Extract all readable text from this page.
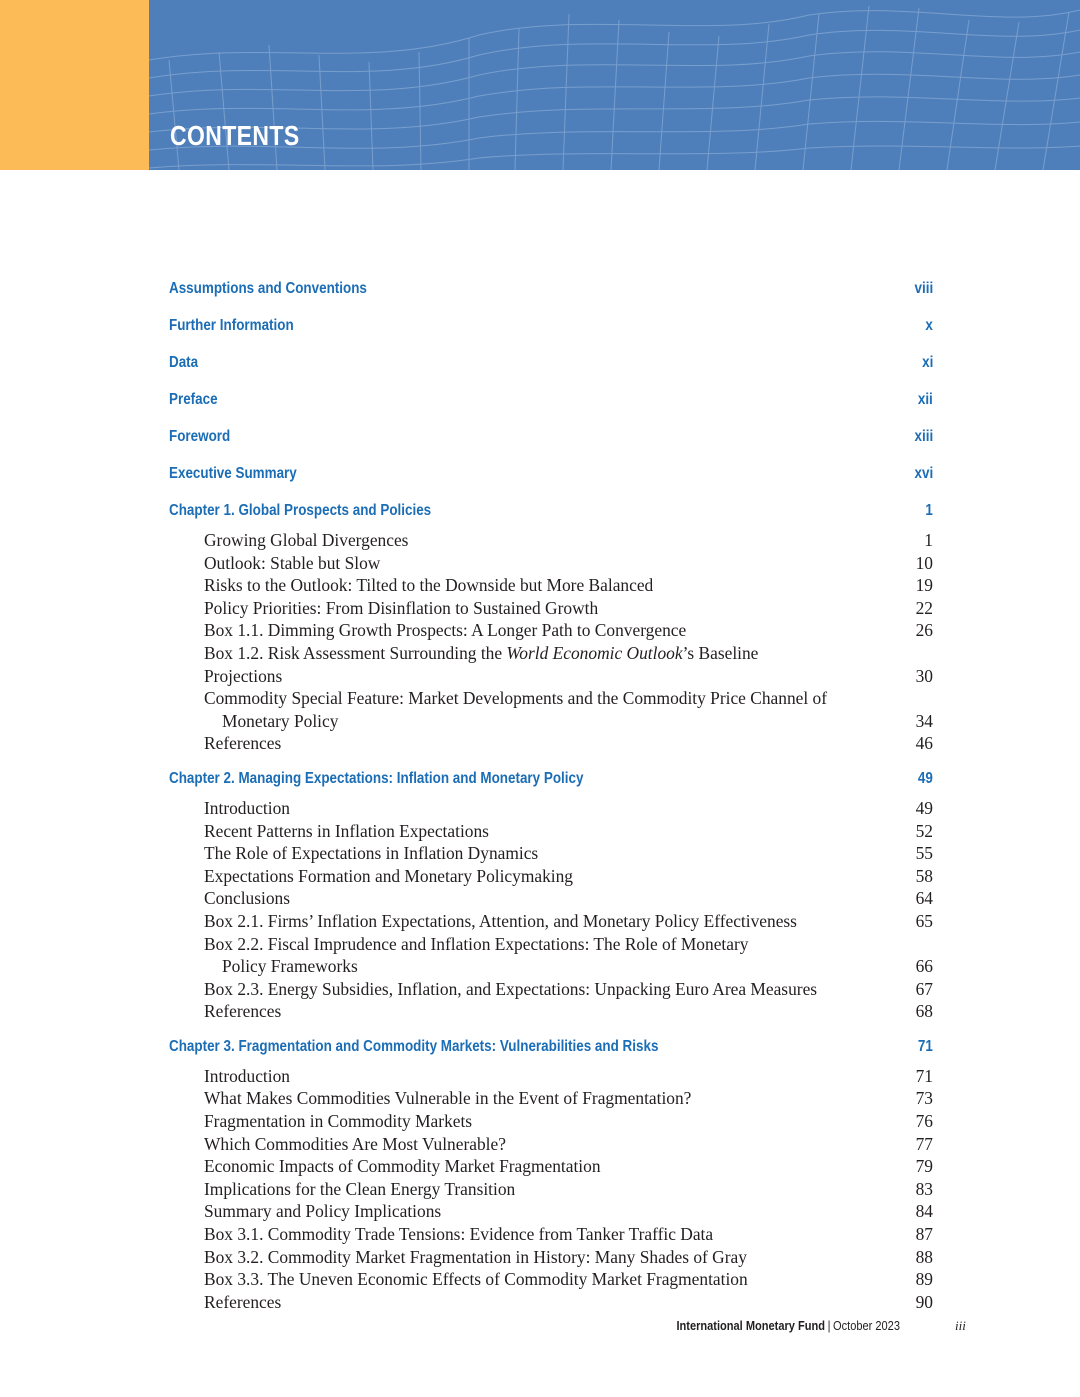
CONTENTS
Assumptions and Conventions	viii
Further Information	x
Data	xi
Preface	xii
Foreword	xiii
Executive Summary	xvi
Chapter 1. Global Prospects and Policies	1
Growing Global Divergences	1
Outlook: Stable but Slow	10
Risks to the Outlook: Tilted to the Downside but More Balanced	19
Policy Priorities: From Disinflation to Sustained Growth	22
Box 1.1. Dimming Growth Prospects: A Longer Path to Convergence	26
Box 1.2. Risk Assessment Surrounding the World Economic Outlook’s Baseline Projections	30
Commodity Special Feature: Market Developments and the Commodity Price Channel of
Monetary Policy	34
References	46
Chapter 2. Managing Expectations: Inflation and Monetary Policy	49
Introduction	49
Recent Patterns in Inflation Expectations	52
The Role of Expectations in Inflation Dynamics	55
Expectations Formation and Monetary Policymaking	58
Conclusions	64
Box 2.1. Firms’ Inflation Expectations, Attention, and Monetary Policy Effectiveness	65
Box 2.2. Fiscal Imprudence and Inflation Expectations: The Role of Monetary
Policy Frameworks	66
Box 2.3. Energy Subsidies, Inflation, and Expectations: Unpacking Euro Area Measures	67
References	68
Chapter 3. Fragmentation and Commodity Markets: Vulnerabilities and Risks	71
Introduction	71
What Makes Commodities Vulnerable in the Event of Fragmentation?	73
Fragmentation in Commodity Markets	76
Which Commodities Are Most Vulnerable?	77
Economic Impacts of Commodity Market Fragmentation	79
Implications for the Clean Energy Transition	83
Summary and Policy Implications	84
Box 3.1. Commodity Trade Tensions: Evidence from Tanker Traffic Data	87
Box 3.2. Commodity Market Fragmentation in History: Many Shades of Gray	88
Box 3.3. The Uneven Economic Effects of Commodity Market Fragmentation	89
References	90
International Monetary Fund | October 2023	iii
